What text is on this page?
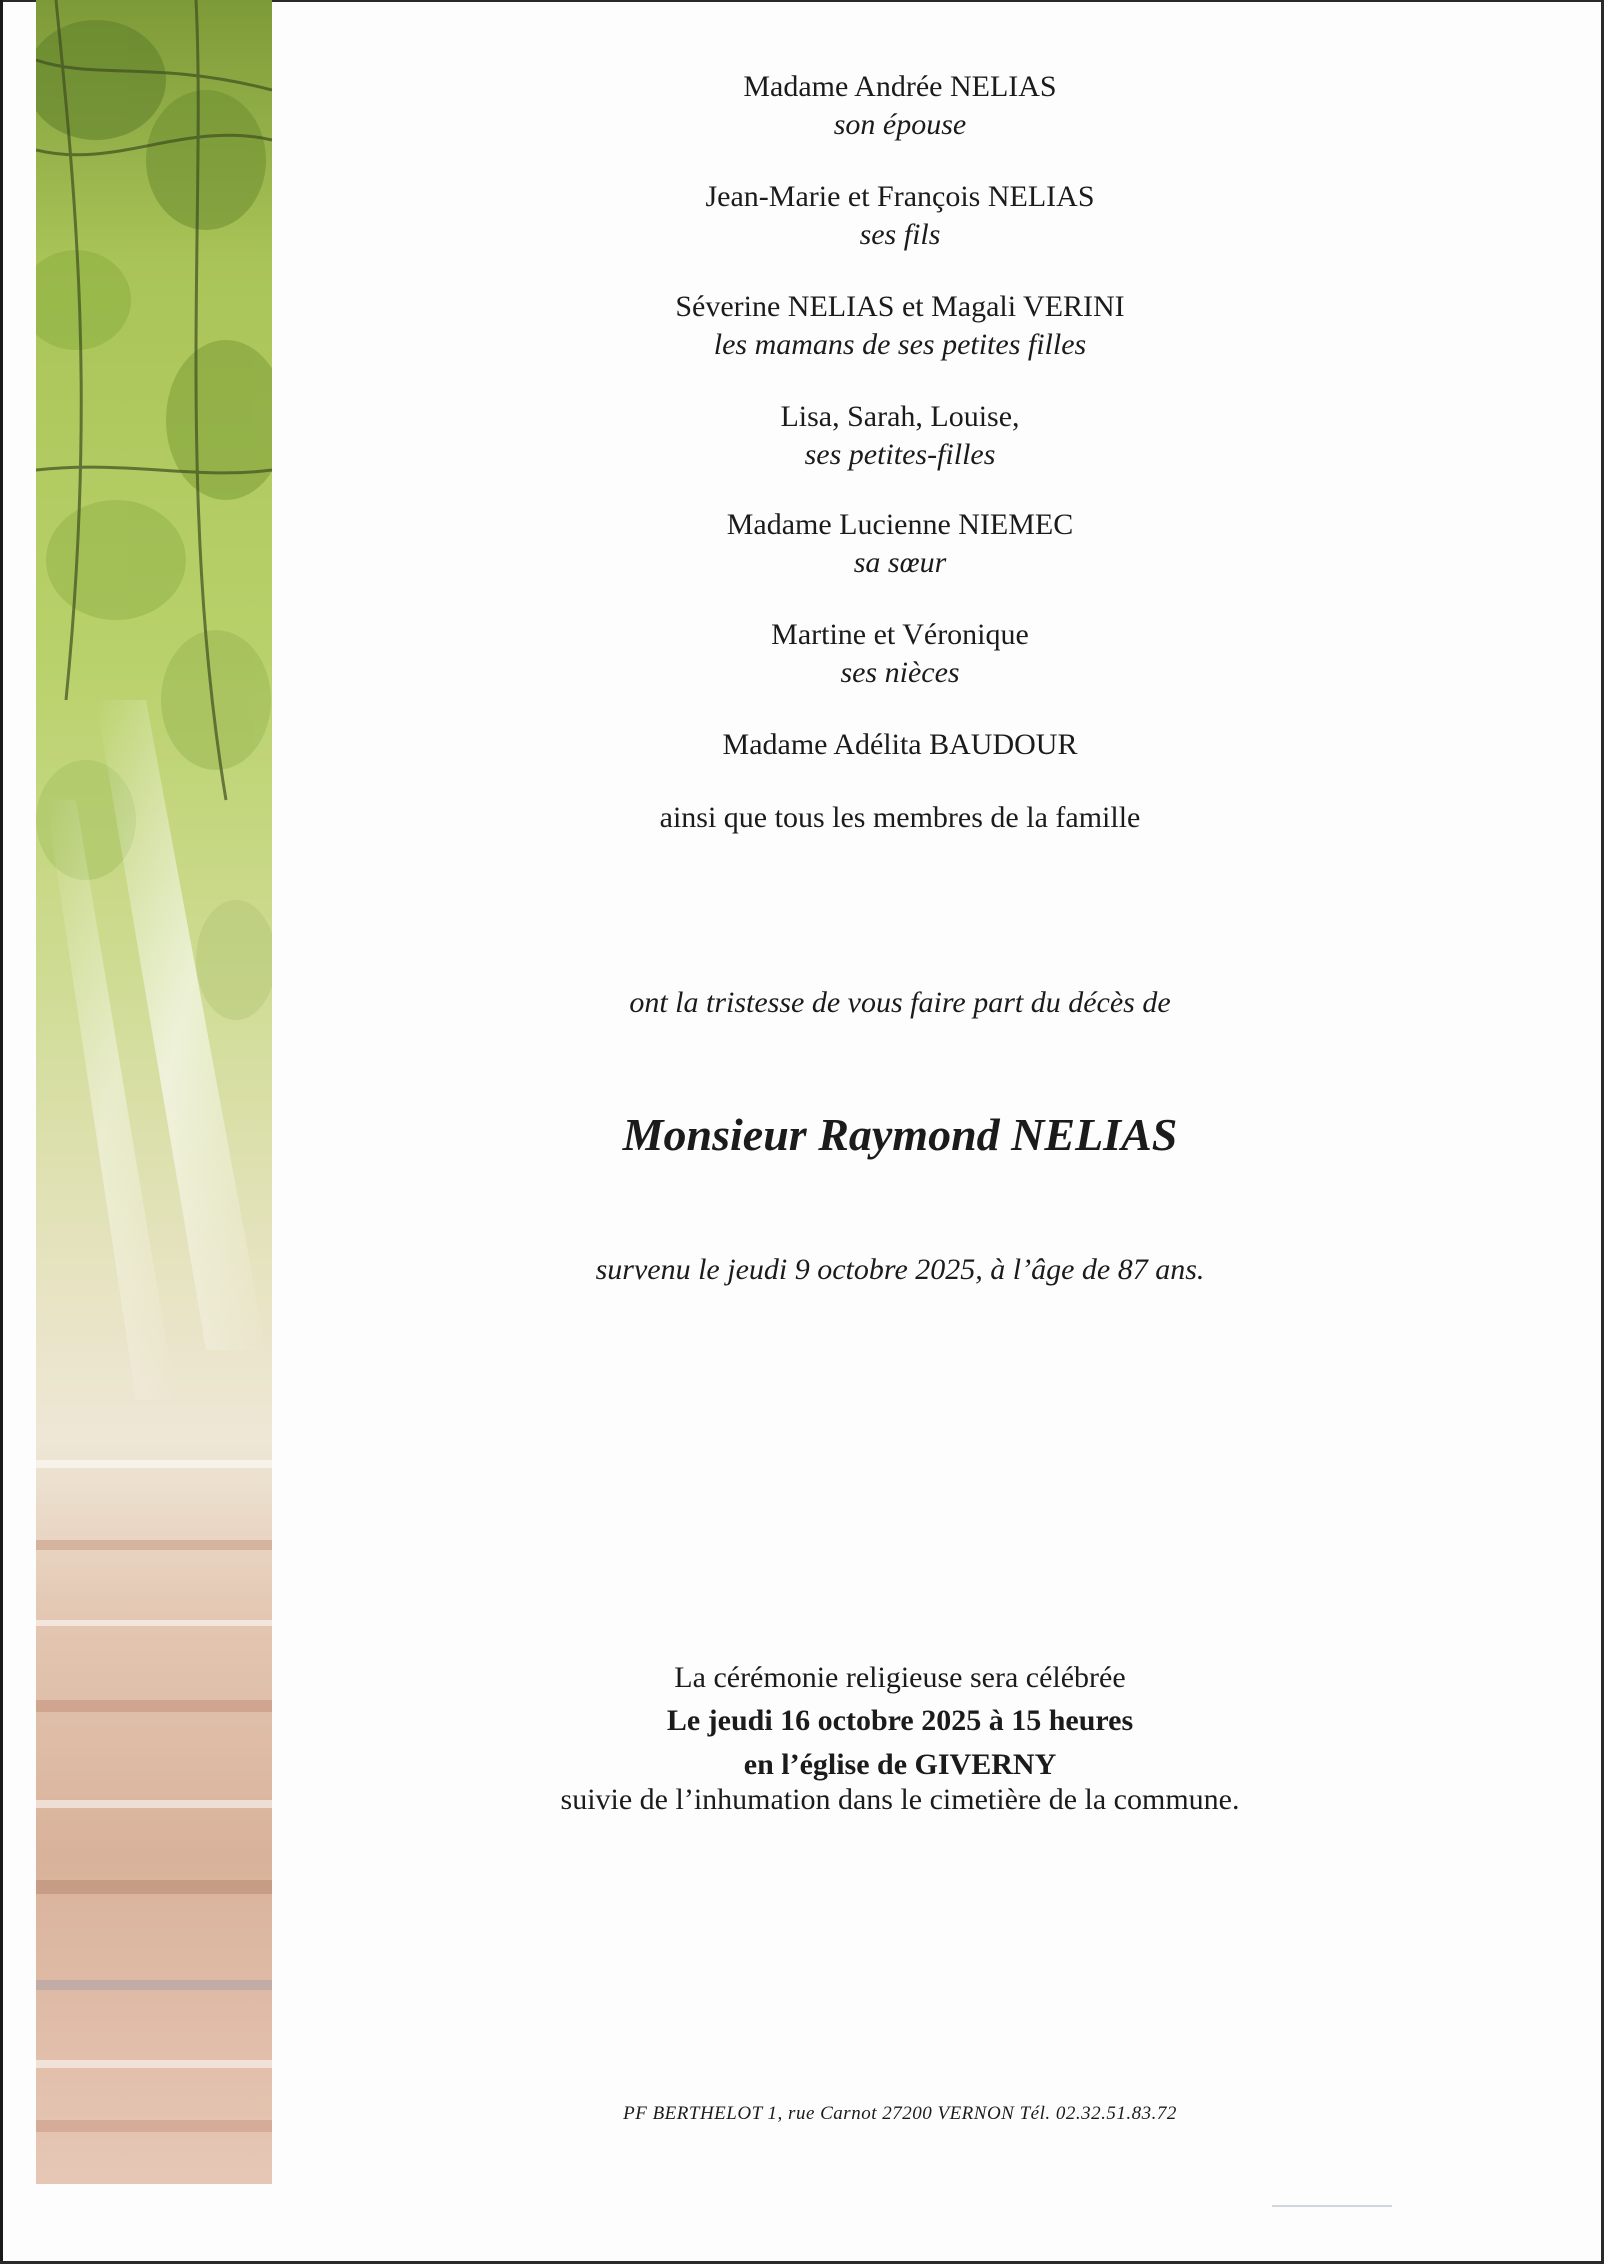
Madame Andrée NELIAS
son épouse
Jean-Marie et François NELIAS
ses fils
Séverine NELIAS et Magali VERINI
les mamans de ses petites filles
Lisa, Sarah, Louise,
ses petites-filles
Madame Lucienne NIEMEC
sa sœur
Martine et Véronique
ses nièces
Madame Adélita BAUDOUR
ainsi que tous les membres de la famille
ont la tristesse de vous faire part du décès de
Monsieur Raymond NELIAS
survenu le jeudi 9 octobre 2025, à l’âge de 87 ans.
La cérémonie religieuse sera célébrée
Le jeudi 16 octobre 2025 à 15 heures
en l’église de GIVERNY
suivie de l’inhumation dans le cimetière de la commune.
PF BERTHELOT 1, rue Carnot 27200 VERNON Tél. 02.32.51.83.72
